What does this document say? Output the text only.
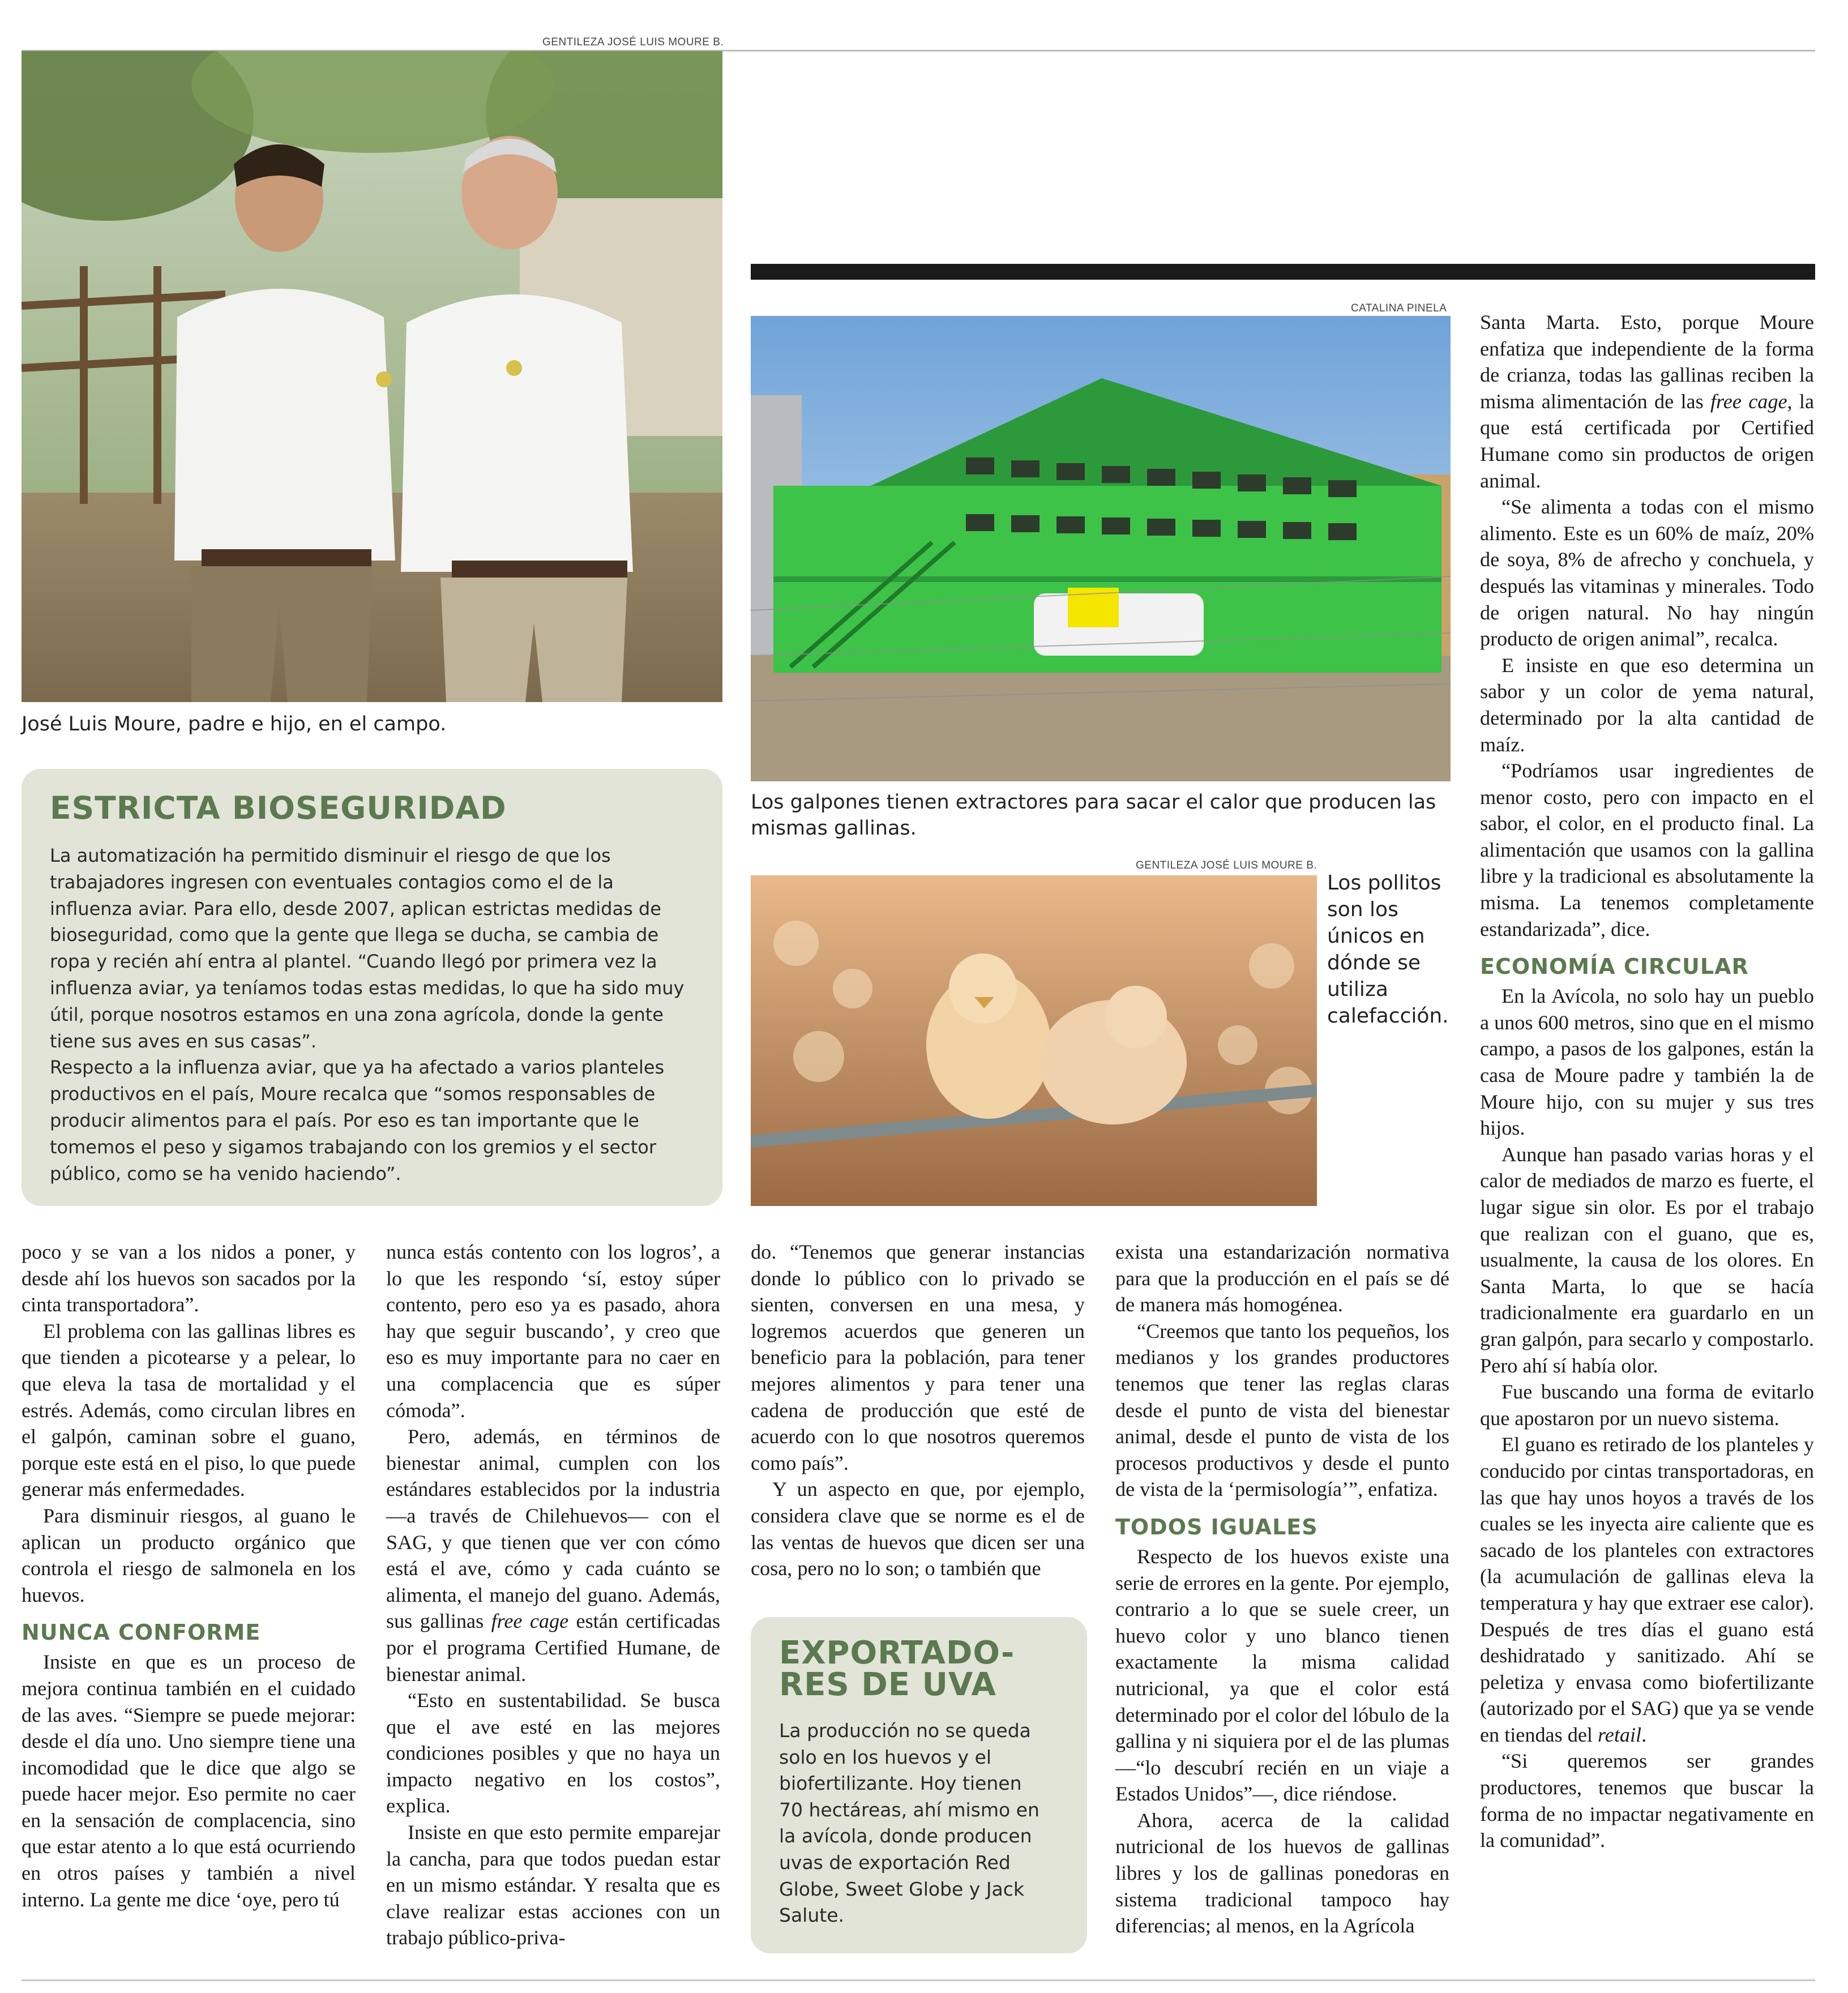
GENTILEZA JOSÉ LUIS MOURE B.
CATALINA PINELA
GENTILEZA JOSÉ LUIS MOURE B.
José Luis Moure, padre e hijo, en el campo.
ESTRICTA BIOSEGURIDAD
La automatización ha permitido disminuir el riesgo de que los trabajadores ingresen con eventuales contagios como el de la influenza aviar. Para ello, desde 2007, aplican estrictas medidas de bioseguridad, como que la gente que llega se ducha, se cambia de ropa y recién ahí entra al plantel. “Cuando llegó por primera vez la influenza aviar, ya teníamos todas estas medidas, lo que ha sido muy útil, porque nosotros estamos en una zona agrícola, donde la gente tiene sus aves en sus casas”.
Respecto a la influenza aviar, que ya ha afectado a varios planteles productivos en el país, Moure recalca que “somos responsables de producir alimentos para el país. Por eso es tan importante que le tomemos el peso y sigamos trabajando con los gremios y el sector público, como se ha venido haciendo”.
Los galpones tienen extractores para sacar el calor que producen las mismas gallinas.
Los pollitos son los únicos en dónde se utiliza calefacción.
EXPORTADO-
RES DE UVA
La producción no se queda solo en los huevos y el biofertilizante. Hoy tienen 70 hectáreas, ahí mismo en la avícola, donde producen uvas de exportación Red Globe, Sweet Globe y Jack Salute.

poco y se van a los nidos a poner, y desde ahí los huevos son sacados por la cinta transportadora”.

El problema con las gallinas libres es que tienden a picotearse y a pelear, lo que eleva la tasa de mortalidad y el estrés. Además, como circulan libres en el galpón, caminan sobre el guano, porque este está en el piso, lo que puede generar más enfermedades.

Para disminuir riesgos, al guano le aplican un producto orgánico que controla el riesgo de salmonela en los huevos.

NUNCA CONFORME

Insiste en que es un proceso de mejora continua también en el cuidado de las aves. “Siempre se puede mejorar: desde el día uno. Uno siempre tiene una incomodidad que le dice que algo se puede hacer mejor. Eso permite no caer en la sensación de complacencia, sino que estar atento a lo que está ocurriendo en otros países y también a nivel interno. La gente me dice ‘oye, pero tú

nunca estás contento con los logros’, a lo que les respondo ‘sí, estoy súper contento, pero eso ya es pasado, ahora hay que seguir buscando’, y creo que eso es muy importante para no caer en una complacencia que es súper cómoda”.

Pero, además, en términos de bienestar animal, cumplen con los estándares establecidos por la industria —a través de Chilehuevos— con el SAG, y que tienen que ver con cómo está el ave, cómo y cada cuánto se alimenta, el manejo del guano. Además, sus gallinas free cage están certificadas por el programa Certified Humane, de bienestar animal.

“Esto en sustentabilidad. Se busca que el ave esté en las mejores condiciones posibles y que no haya un impacto negativo en los costos”, explica.

Insiste en que esto permite emparejar la cancha, para que todos puedan estar en un mismo estándar. Y resalta que es clave realizar estas acciones con un trabajo público-priva-

do. “Tenemos que generar instancias donde lo público con lo privado se sienten, conversen en una mesa, y logremos acuerdos que generen un beneficio para la población, para tener mejores alimentos y para tener una cadena de producción que esté de acuerdo con lo que nosotros queremos como país”.

Y un aspecto en que, por ejemplo, considera clave que se norme es el de las ventas de huevos que dicen ser una cosa, pero no lo son; o también que

exista una estandarización normativa para que la producción en el país se dé de manera más homogénea.

“Creemos que tanto los pequeños, los medianos y los grandes productores tenemos que tener las reglas claras desde el punto de vista del bienestar animal, desde el punto de vista de los procesos productivos y desde el punto de vista de la ‘permisología’”, enfatiza.

TODOS IGUALES

Respecto de los huevos existe una serie de errores en la gente. Por ejemplo, contrario a lo que se suele creer, un huevo color y uno blanco tienen exactamente la misma calidad nutricional, ya que el color está determinado por el color del lóbulo de la gallina y ni siquiera por el de las plumas —“lo descubrí recién en un viaje a Estados Unidos”—, dice riéndose.

Ahora, acerca de la calidad nutricional de los huevos de gallinas libres y los de gallinas ponedoras en sistema tradicional tampoco hay diferencias; al menos, en la Agrícola

Santa Marta. Esto, porque Moure enfatiza que independiente de la forma de crianza, todas las gallinas reciben la misma alimentación de las free cage, la que está certificada por Certified Humane como sin productos de origen animal.

“Se alimenta a todas con el mismo alimento. Este es un 60% de maíz, 20% de soya, 8% de afrecho y conchuela, y después las vitaminas y minerales. Todo de origen natural. No hay ningún producto de origen animal”, recalca.

E insiste en que eso determina un sabor y un color de yema natural, determinado por la alta cantidad de maíz.

“Podríamos usar ingredientes de menor costo, pero con impacto en el sabor, el color, en el producto final. La alimentación que usamos con la gallina libre y la tradicional es absolutamente la misma. La tenemos completamente estandarizada”, dice.

ECONOMÍA CIRCULAR

En la Avícola, no solo hay un pueblo a unos 600 metros, sino que en el mismo campo, a pasos de los galpones, están la casa de Moure padre y también la de Moure hijo, con su mujer y sus tres hijos.

Aunque han pasado varias horas y el calor de mediados de marzo es fuerte, el lugar sigue sin olor. Es por el trabajo que realizan con el guano, que es, usualmente, la causa de los olores. En Santa Marta, lo que se hacía tradicionalmente era guardarlo en un gran galpón, para secarlo y compostarlo. Pero ahí sí había olor.

Fue buscando una forma de evitarlo que apostaron por un nuevo sistema.

El guano es retirado de los planteles y conducido por cintas transportadoras, en las que hay unos hoyos a través de los cuales se les inyecta aire caliente que es sacado de los planteles con extractores (la acumulación de gallinas eleva la temperatura y hay que extraer ese calor). Después de tres días el guano está deshidratado y sanitizado. Ahí se peletiza y envasa como biofertilizante (autorizado por el SAG) que ya se vende en tiendas del retail.

“Si queremos ser grandes productores, tenemos que buscar la forma de no impactar negativamente en la comunidad”.
